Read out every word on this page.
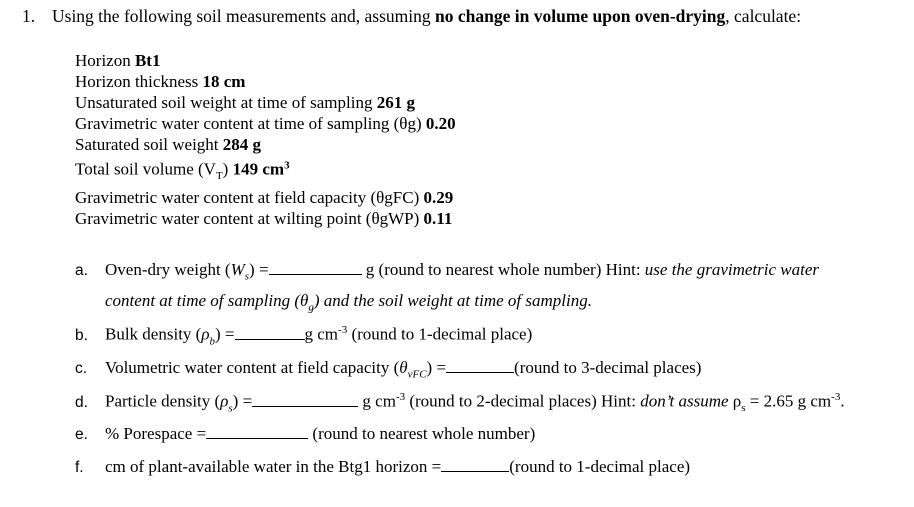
1. Using the following soil measurements and, assuming no change in volume upon oven-drying, calculate:
Horizon Bt1
Horizon thickness 18 cm
Unsaturated soil weight at time of sampling 261 g
Gravimetric water content at time of sampling (θg) 0.20
Saturated soil weight 284 g
Total soil volume $(V_T)$ 149 $cm^3$
Gravimetric water content at field capacity (θgFC) 0.29
Gravimetric water content at wilting point (θgWP) 0.11
a. Oven-dry weight $(W_s)$ =	g (round to nearest whole number) Hint: use the gravimetric water
content at time of sampling $(\theta_g)$ and the soil weight at time of sampling.
b. Bulk density $(\rho_b)$ =	g $cm^{-3}$ (round to 1-decimal place)
c. Volumetric water content at field capacity $(\theta_{vFC})$ =	(round to 3-decimal places)
d. Particle density $(\rho_s)$ =	g $cm^{-3}$ (round to 2-decimal places) Hint: don’t assume $\rho_s = 2.65$ g $cm^{-3}$.
e. % Porespace =	(round to nearest whole number)
f. cm of plant-available water in the Btg1 horizon =	(round to 1-decimal place)
